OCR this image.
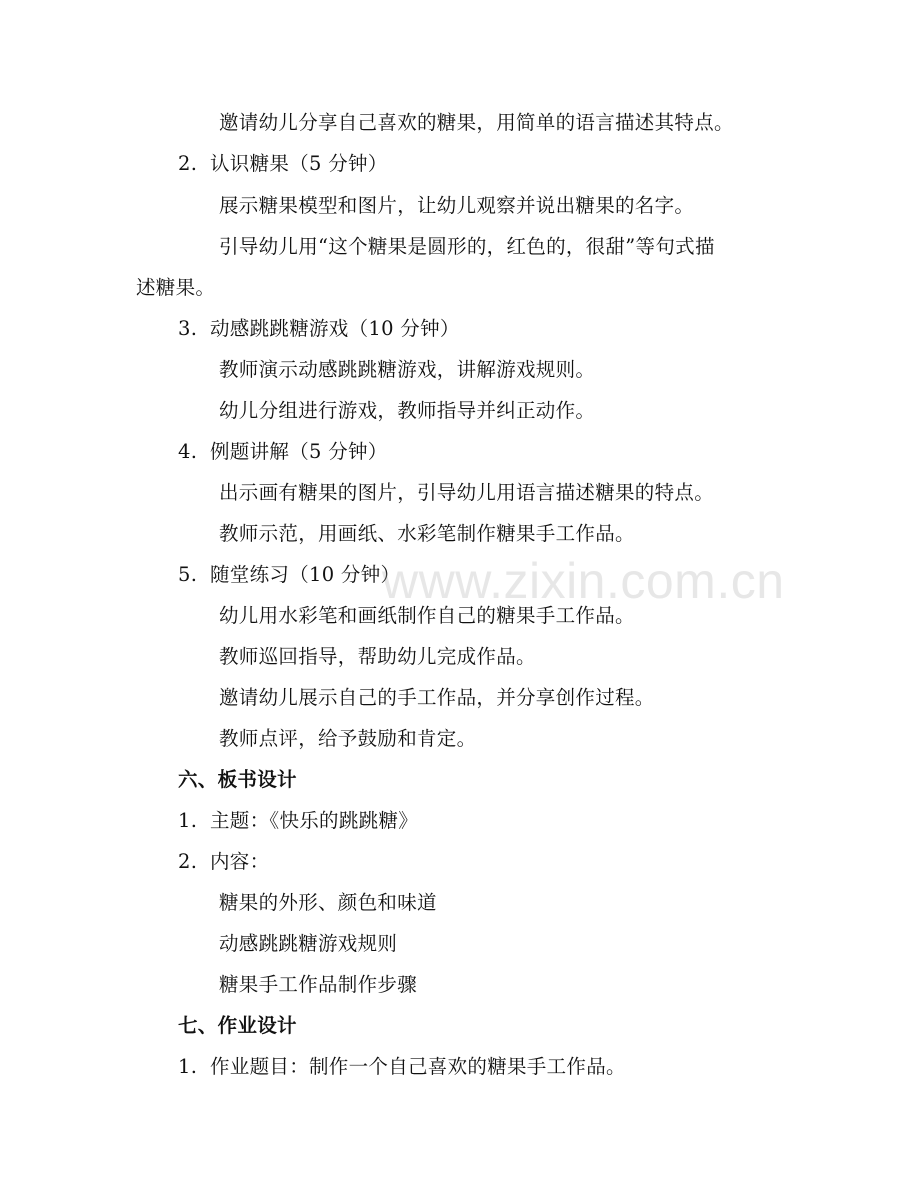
邀请幼儿分享自己喜欢的糖果，用简单的语言描述其特点。
2. 认识糖果（5 分钟）
展示糖果模型和图片，让幼儿观察并说出糖果的名字。
引导幼儿用“这个糖果是圆形的，红色的，很甜”等句式描
述糖果。
3. 动感跳跳糖游戏（10 分钟）
教师演示动感跳跳糖游戏，讲解游戏规则。
幼儿分组进行游戏，教师指导并纠正动作。
4. 例题讲解（5 分钟）
出示画有糖果的图片，引导幼儿用语言描述糖果的特点。
教师示范，用画纸、水彩笔制作糖果手工作品。
5. 随堂练习（10 分钟）
幼儿用水彩笔和画纸制作自己的糖果手工作品。
教师巡回指导，帮助幼儿完成作品。
邀请幼儿展示自己的手工作品，并分享创作过程。
教师点评，给予鼓励和肯定。
六、板书设计
1. 主题：《快乐的跳跳糖》
2. 内容：
糖果的外形、颜色和味道
动感跳跳糖游戏规则
糖果手工作品制作步骤
七、作业设计
1. 作业题目：制作一个自己喜欢的糖果手工作品。
www.zixin.com.cn
